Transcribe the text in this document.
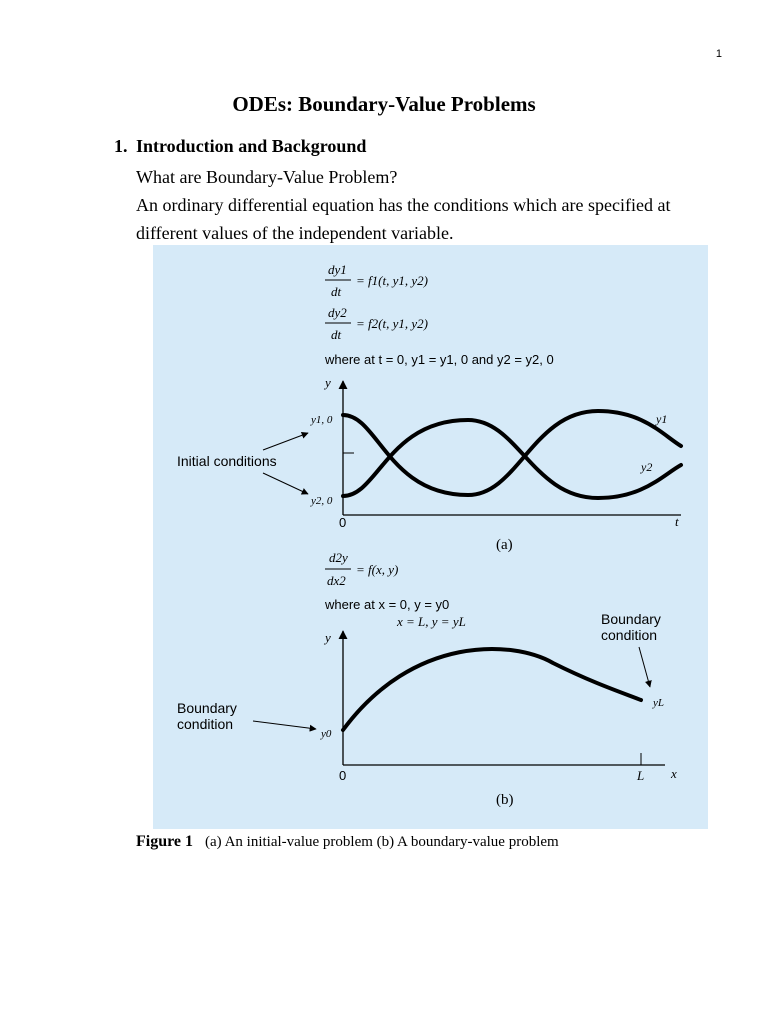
1
ODEs: Boundary-Value Problems
1. Introduction and Background

What are Boundary-Value Problem?

An ordinary differential equation has the conditions which are specified at different values of the independent variable.

dy1
dt
= f1(t, y1, y2)
dy2
dt
= f2(t, y1, y2)
where at t = 0, y1 = y1, 0 and y2 = y2, 0
y
t
0
y1, 0
y2, 0
y1
y2
Initial conditions
(a)
d2y
dx2
= f(x, y)
where at x = 0, y = y0
x = L, y = yL	Boundary
condition
y
x
0	L
yL
y0
Boundary
condition
(b)
Figure 1 (a) An initial-value problem (b) A boundary-value problem
